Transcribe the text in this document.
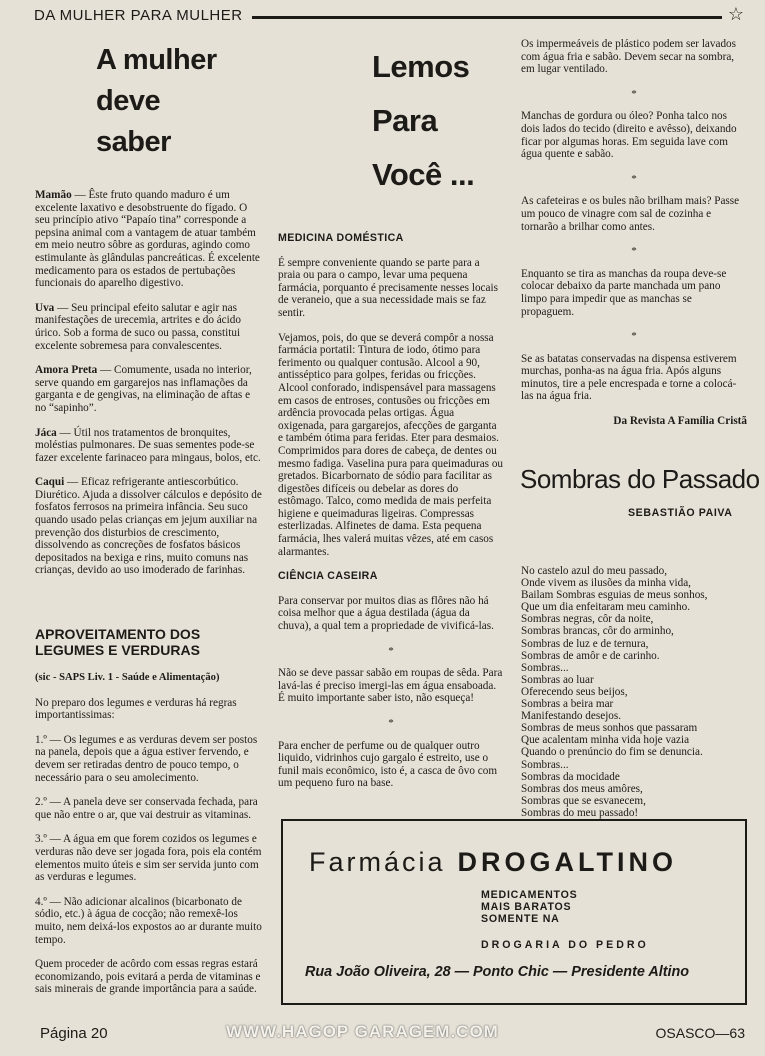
DA MULHER PARA MULHER	☆
A mulher
deve
saber

Mamão — Êste fruto quando maduro é um excelente laxativo e desobstruente do fígado. O seu princípio ativo “Papaío tina” corresponde a pepsina animal com a vantagem de atuar também em meio neutro sôbre as gorduras, agindo como estimulante às glândulas pancreáticas. É excelente medicamento para os estados de pertubações funcionais do aparelho digestivo.

Uva — Seu principal efeito salutar e agir nas manifestações de urecemia, artrites e do ácido úrico. Sob a forma de suco ou passa, constitui excelente sobremesa para convalescentes.

Amora Preta — Comumente, usada no interior, serve quando em gargarejos nas inflamações da garganta e de gengivas, na eliminação de aftas e no “sapinho”.

Jáca — Útil nos tratamentos de bronquites, moléstias pulmonares. De suas sementes pode-se fazer excelente farinaceo para mingaus, bolos, etc.

Caqui — Eficaz refrigerante antiescorbútico. Diurético. Ajuda a dissolver cálculos e depósito de fosfatos ferrosos na primeira infância. Seu suco quando usado pelas crianças em jejum auxiliar na prevenção dos disturbios de crescimento, dissolvendo as concreções de fosfatos básicos depositados na bexiga e rins, muito comuns nas crianças, devido ao uso imoderado de farinhas.

APROVEITAMENTO DOS LEGUMES E VERDURAS

(sic - SAPS Liv. 1 - Saúde e Alimentação)

No preparo dos legumes e verduras há regras importantissimas:

1.º — Os legumes e as verduras devem ser postos na panela, depois que a água estiver fervendo, e devem ser retiradas dentro de pouco tempo, o necessário para o seu amolecimento.

2.º — A panela deve ser conservada fechada, para que não entre o ar, que vai destruir as vitaminas.

3.º — A água em que forem cozidos os legumes e verduras não deve ser jogada fora, pois ela contém elementos muito úteis e sim ser servida junto com as verduras e legumes.

4.º — Não adicionar alcalinos (bicarbonato de sódio, etc.) à água de cocção; não remexê-los muito, nem deixá-los expostos ao ar durante muito tempo.

Quem proceder de acôrdo com essas regras estará economizando, pois evitará a perda de vitaminas e sais minerais de grande importância para a saúde.

Lemos
Para
Você ...
MEDICINA DOMÉSTICA

É sempre conveniente quando se parte para a praia ou para o campo, levar uma pequena farmácia, porquanto é precisamente nesses locais de veraneio, que a sua necessidade mais se faz sentir.

Vejamos, pois, do que se deverá compôr a nossa farmácia portatil: Tintura de iodo, ótimo para ferimento ou qualquer contusão. Alcool a 90, antisséptico para golpes, feridas ou fricções. Alcool conforado, indispensável para massagens em casos de entroses, contusões ou fricções em ardência provocada pelas ortigas. Água oxigenada, para gargarejos, afecções de garganta e também ótima para feridas. Eter para desmaios. Comprimidos para dores de cabeça, de dentes ou mesmo fadiga. Vaselina pura para queimaduras ou gretados. Bicarbornato de sódio para facilitar as digestões difíceis ou debelar as dores do estômago. Talco, como medida de mais perfeita higiene e queimaduras ligeiras. Compressas esterlizadas. Alfinetes de dama. Esta pequena farmácia, lhes valerá muitas vêzes, até em casos alarmantes.

CIÊNCIA CASEIRA

Para conservar por muitos dias as flôres não há coisa melhor que a água destilada (água da chuva), a qual tem a propriedade de vivificá-las.

*

Não se deve passar sabão em roupas de sêda. Para lavá-las é preciso imergi-las em água ensaboada. É muito importante saber isto, não esqueça!

*

Para encher de perfume ou de qualquer outro liquido, vidrinhos cujo gargalo é estreito, use o funil mais econômico, isto é, a casca de ôvo com um pequeno furo na base.

Os impermeáveis de plástico podem ser lavados com água fria e sabão. Devem secar na sombra, em lugar ventilado.

*

Manchas de gordura ou óleo? Ponha talco nos dois lados do tecido (direito e avêsso), deixando ficar por algumas horas. Em seguida lave com água quente e sabão.

*

As cafeteiras e os bules não brilham mais? Passe um pouco de vinagre com sal de cozinha e tornarão a brilhar como antes.

*

Enquanto se tira as manchas da roupa deve-se colocar debaixo da parte manchada um pano limpo para impedir que as manchas se propaguem.

*

Se as batatas conservadas na dispensa estiverem murchas, ponha-as na água fria. Após alguns minutos, tire a pele encrespada e torne a colocá-las na água fria.

Da Revista A Família Cristã

Sombras do Passado
SEBASTIÃO PAIVA
No castelo azul do meu passado,
Onde vivem as ilusões da minha vida,
Bailam Sombras esguias de meus sonhos,
Que um dia enfeitaram meu caminho.
Sombras negras, côr da noite,
Sombras brancas, côr do arminho,
Sombras de luz e de ternura,
Sombras de amôr e de carinho.
Sombras...
Sombras ao luar
Oferecendo seus beijos,
Sombras a beira mar
Manifestando desejos.
Sombras de meus sonhos que passaram
Que acalentam minha vida hoje vazia
Quando o prenúncio do fim se denuncia.
Sombras...
Sombras da mocidade
Sombras dos meus amôres,
Sombras que se esvanecem,
Sombras do meu passado!
Farmácia DROGALTINO
MEDICAMENTOS
MAIS BARATOS
SOMENTE NA
DROGARIA DO PEDRO
Rua João Oliveira, 28 — Ponto Chic — Presidente Altino
Página 20	WWW.HAGOP GARAGEM.COM	OSASCO—63
